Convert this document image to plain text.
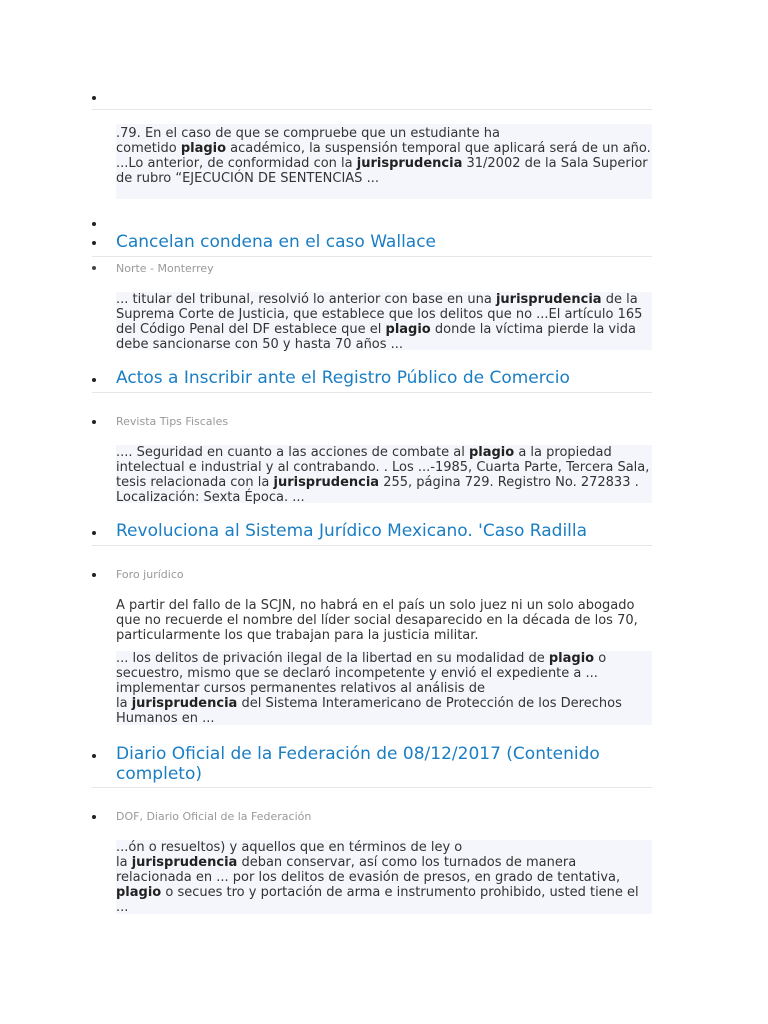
.79. En el caso de que se compruebe que un estudiante ha
cometido plagio académico, la suspensión temporal que aplicará será de un año. ...Lo anterior, de conformidad con la jurisprudencia 31/2002 de la Sala Superior de rubro “EJECUCIÓN DE SENTENCIAS ...
Cancelan condena en el caso Wallace
Norte - Monterrey
... titular del tribunal, resolvió lo anterior con base en una jurisprudencia de la Suprema Corte de Justicia, que establece que los delitos que no ...El artículo 165 del Código Penal del DF establece que el plagio donde la víctima pierde la vida debe sancionarse con 50 y hasta 70 años ...
Actos a Inscribir ante el Registro Público de Comercio
Revista Tips Fiscales
.... Seguridad en cuanto a las acciones de combate al plagio a la propiedad intelectual e industrial y al contrabando. . Los ...-1985, Cuarta Parte, Tercera Sala, tesis relacionada con la jurisprudencia 255, página 729. Registro No. 272833 . Localización: Sexta Época. ...
Revoluciona al Sistema Jurídico Mexicano. 'Caso Radilla
Foro jurídico
A partir del fallo de la SCJN, no habrá en el país un solo juez ni un solo abogado que no recuerde el nombre del líder social desaparecido en la década de los 70, particularmente los que trabajan para la justicia militar.
... los delitos de privación ilegal de la libertad en su modalidad de plagio o secuestro, mismo que se declaró incompetente y envió el expediente a ... implementar cursos permanentes relativos al análisis de
la jurisprudencia del Sistema Interamericano de Protección de los Derechos Humanos en ...
Diario Oficial de la Federación de 08/12/2017 (Contenido completo)
DOF, Diario Oficial de la Federación
...ón o resueltos) y aquellos que en términos de ley o
la jurisprudencia deban conservar, así como los turnados de manera relacionada en ... por los delitos de evasión de presos, en grado de tentativa, plagio o secues tro y portación de arma e instrumento prohibido, usted tiene el ...
